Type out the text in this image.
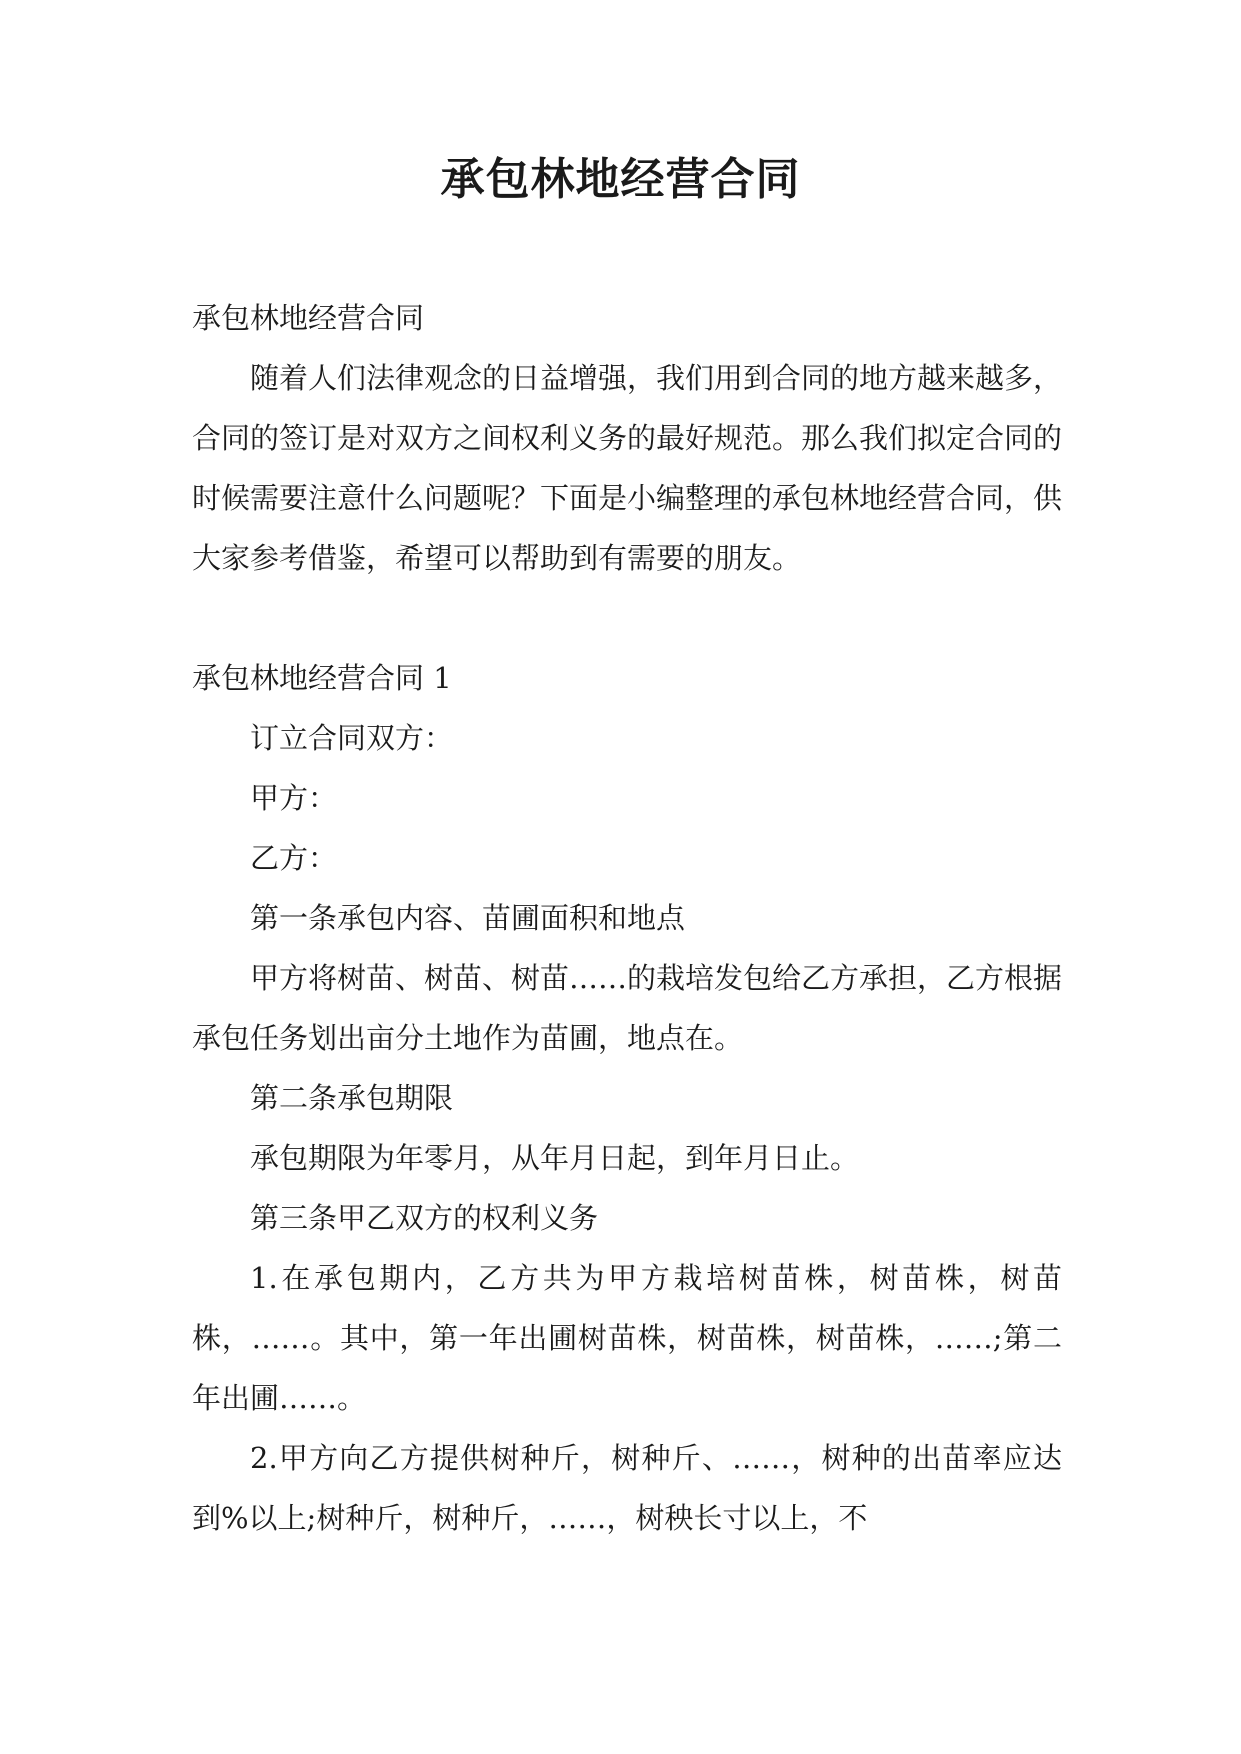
承包林地经营合同

承包林地经营合同

随着人们法律观念的日益增强，我们用到合同的地方越来越多，合同的签订是对双方之间权利义务的最好规范。那么我们拟定合同的时候需要注意什么问题呢？下面是小编整理的承包林地经营合同，供大家参考借鉴，希望可以帮助到有需要的朋友。

承包林地经营合同 1

订立合同双方：

甲方：

乙方：

第一条承包内容、苗圃面积和地点

甲方将树苗、树苗、树苗……的栽培发包给乙方承担，乙方根据承包任务划出亩分土地作为苗圃，地点在。

第二条承包期限

承包期限为年零月，从年月日起，到年月日止。

第三条甲乙双方的权利义务

1.在承包期内，乙方共为甲方栽培树苗株，树苗株，树苗株，……。其中，第一年出圃树苗株，树苗株，树苗株，……;第二年出圃……。

2.甲方向乙方提供树种斤，树种斤、……，树种的出苗率应达到%以上;树种斤，树种斤，……，树秧长寸以上，不
